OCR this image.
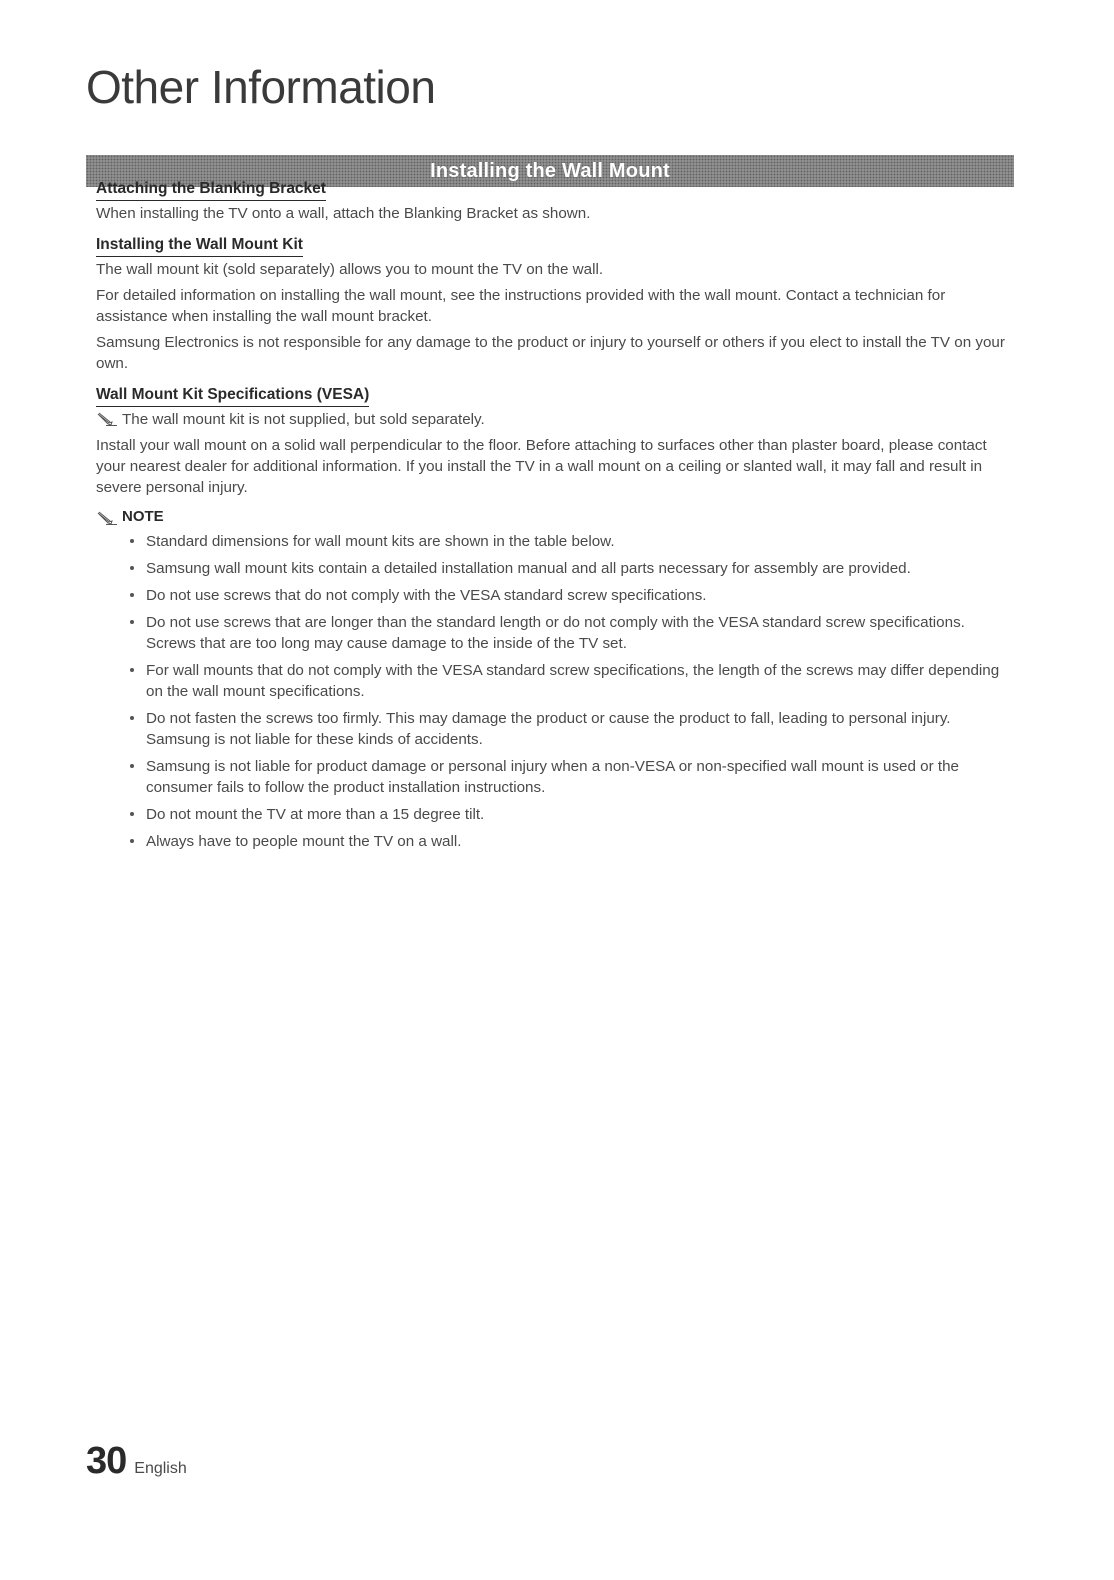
Other Information
Installing the Wall Mount
Attaching the Blanking Bracket
When installing the TV onto a wall, attach the Blanking Bracket as shown.
Installing the Wall Mount Kit
The wall mount kit (sold separately) allows you to mount the TV on the wall.
For detailed information on installing the wall mount, see the instructions provided with the wall mount. Contact a technician for assistance when installing the wall mount bracket.
Samsung Electronics is not responsible for any damage to the product or injury to yourself or others if you elect to install the TV on your own.
Wall Mount Kit Specifications (VESA)
The wall mount kit is not supplied, but sold separately.
Install your wall mount on a solid wall perpendicular to the floor. Before attaching to surfaces other than plaster board, please contact your nearest dealer for additional information. If you install the TV in a wall mount on a ceiling or slanted wall, it may fall and result in severe personal injury.
NOTE
Standard dimensions for wall mount kits are shown in the table below.
Samsung wall mount kits contain a detailed installation manual and all parts necessary for assembly are provided.
Do not use screws that do not comply with the VESA standard screw specifications.
Do not use screws that are longer than the standard length or do not comply with the VESA standard screw specifications. Screws that are too long may cause damage to the inside of the TV set.
For wall mounts that do not comply with the VESA standard screw specifications, the length of the screws may differ depending on the wall mount specifications.
Do not fasten the screws too firmly. This may damage the product or cause the product to fall, leading to personal injury. Samsung is not liable for these kinds of accidents.
Samsung is not liable for product damage or personal injury when a non-VESA or non-specified wall mount is used or the consumer fails to follow the product installation instructions.
Do not mount the TV at more than a 15 degree tilt.
Always have to people mount the TV on a wall.
30 English
